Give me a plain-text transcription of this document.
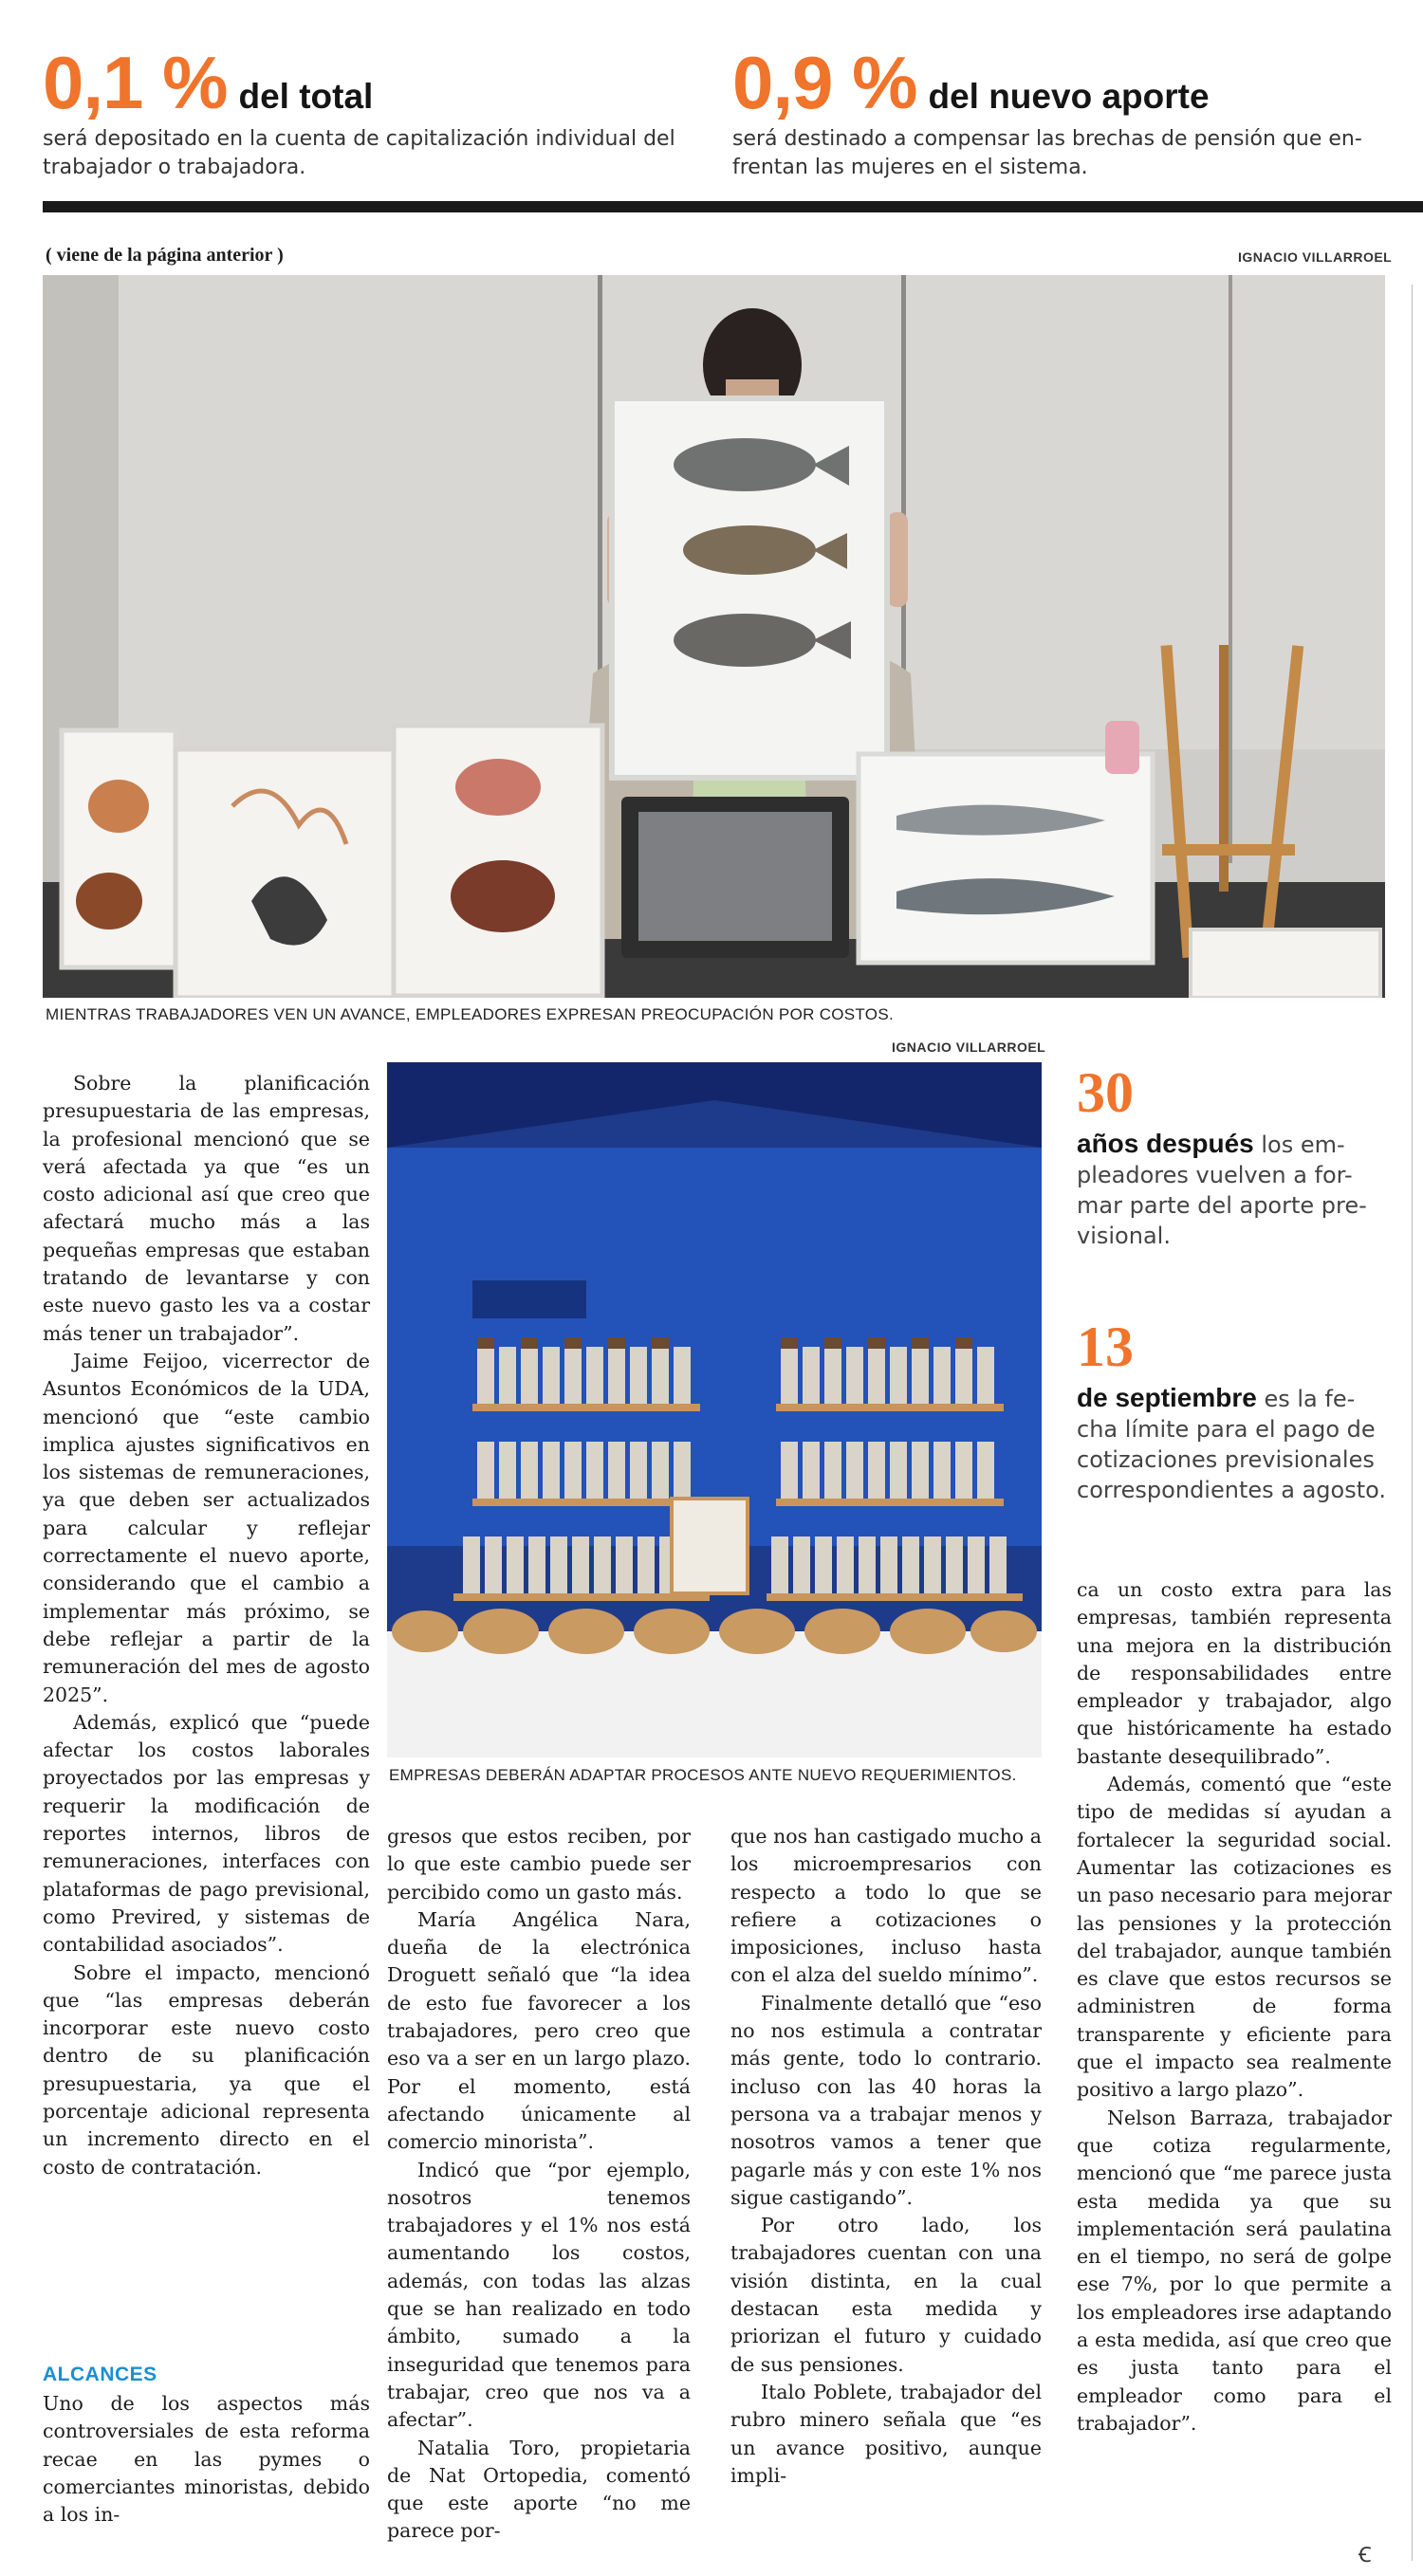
0,1 % del total
será depositado en la cuenta de capitalización individual del
trabajador o trabajadora.
0,9 % del nuevo aporte
será destinado a compensar las brechas de pensión que en-
frentan las mujeres en el sistema.
( viene de la página anterior )	IGNACIO VILLARROEL
MIENTRAS TRABAJADORES VEN UN AVANCE, EMPLEADORES EXPRESAN PREOCUPACIÓN POR COSTOS.
IGNACIO VILLARROEL
EMPRESAS DEBERÁN ADAPTAR PROCESOS ANTE NUEVO REQUERIMIENTOS.
30
años después los em-
pleadores vuelven a for-
mar parte del aporte pre-
visional.
13
de septiembre es la fe-
cha límite para el pago de
cotizaciones previsionales
correspondientes a agosto.

Sobre la planificación presupuestaria de las empresas, la profesional mencionó que se verá afectada ya que “es un costo adicional así que creo que afectará mucho más a las pequeñas empresas que estaban tratando de levantarse y con este nuevo gasto les va a costar más tener un trabajador”.

Jaime Feijoo, vicerrector de Asuntos Económicos de la UDA, mencionó que “este cambio implica ajustes significativos en los sistemas de remuneraciones, ya que deben ser actualizados para calcular y reflejar correctamente el nuevo aporte, considerando que el cambio a implementar más próximo, se debe reflejar a partir de la remuneración del mes de agosto 2025”.

Además, explicó que “puede afectar los costos laborales proyectados por las empresas y requerir la modificación de reportes internos, libros de remuneraciones, interfaces con plataformas de pago previsional, como Previred, y sistemas de contabilidad asociados”.

Sobre el impacto, mencionó que “las empresas deberán incorporar este nuevo costo dentro de su planificación presupuestaria, ya que el porcentaje adicional representa un incremento directo en el costo de contratación.

ALCANCES

Uno de los aspectos más controversiales de esta reforma recae en las pymes o comerciantes minoristas, debido a los in-

gresos que estos reciben, por lo que este cambio puede ser percibido como un gasto más.

María Angélica Nara, dueña de la electrónica Droguett señaló que “la idea de esto fue favorecer a los trabajadores, pero creo que eso va a ser en un largo plazo. Por el momento, está afectando únicamente al comercio minorista”.

Indicó que “por ejemplo, nosotros tenemos trabajadores y el 1% nos está aumentando los costos, además, con todas las alzas que se han realizado en todo ámbito, sumado a la inseguridad que tenemos para trabajar, creo que nos va a afectar”.

Natalia Toro, propietaria de Nat Ortopedia, comentó que este aporte “no me parece por-

que nos han castigado mucho a los microempresarios con respecto a todo lo que se refiere a cotizaciones o imposiciones, incluso hasta con el alza del sueldo mínimo”.

Finalmente detalló que “eso no nos estimula a contratar más gente, todo lo contrario. incluso con las 40 horas la persona va a trabajar menos y nosotros vamos a tener que pagarle más y con este 1% nos sigue castigando”.

Por otro lado, los trabajadores cuentan con una visión distinta, en la cual destacan esta medida y priorizan el futuro y cuidado de sus pensiones.

Italo Poblete, trabajador del rubro minero señala que “es un avance positivo, aunque impli-

ca un costo extra para las empresas, también representa una mejora en la distribución de responsabilidades entre empleador y trabajador, algo que históricamente ha estado bastante desequilibrado”.

Además, comentó que “este tipo de medidas sí ayudan a fortalecer la seguridad social. Aumentar las cotizaciones es un paso necesario para mejorar las pensiones y la protección del trabajador, aunque también es clave que estos recursos se administren de forma transparente y eficiente para que el impacto sea realmente positivo a largo plazo”.

Nelson Barraza, trabajador que cotiza regularmente, mencionó que “me parece justa esta medida ya que su implementación será paulatina en el tiempo, no será de golpe ese 7%, por lo que permite a los empleadores irse adaptando a esta medida, así que creo que es justa tanto para el empleador como para el trabajador”.

Ꞓ
